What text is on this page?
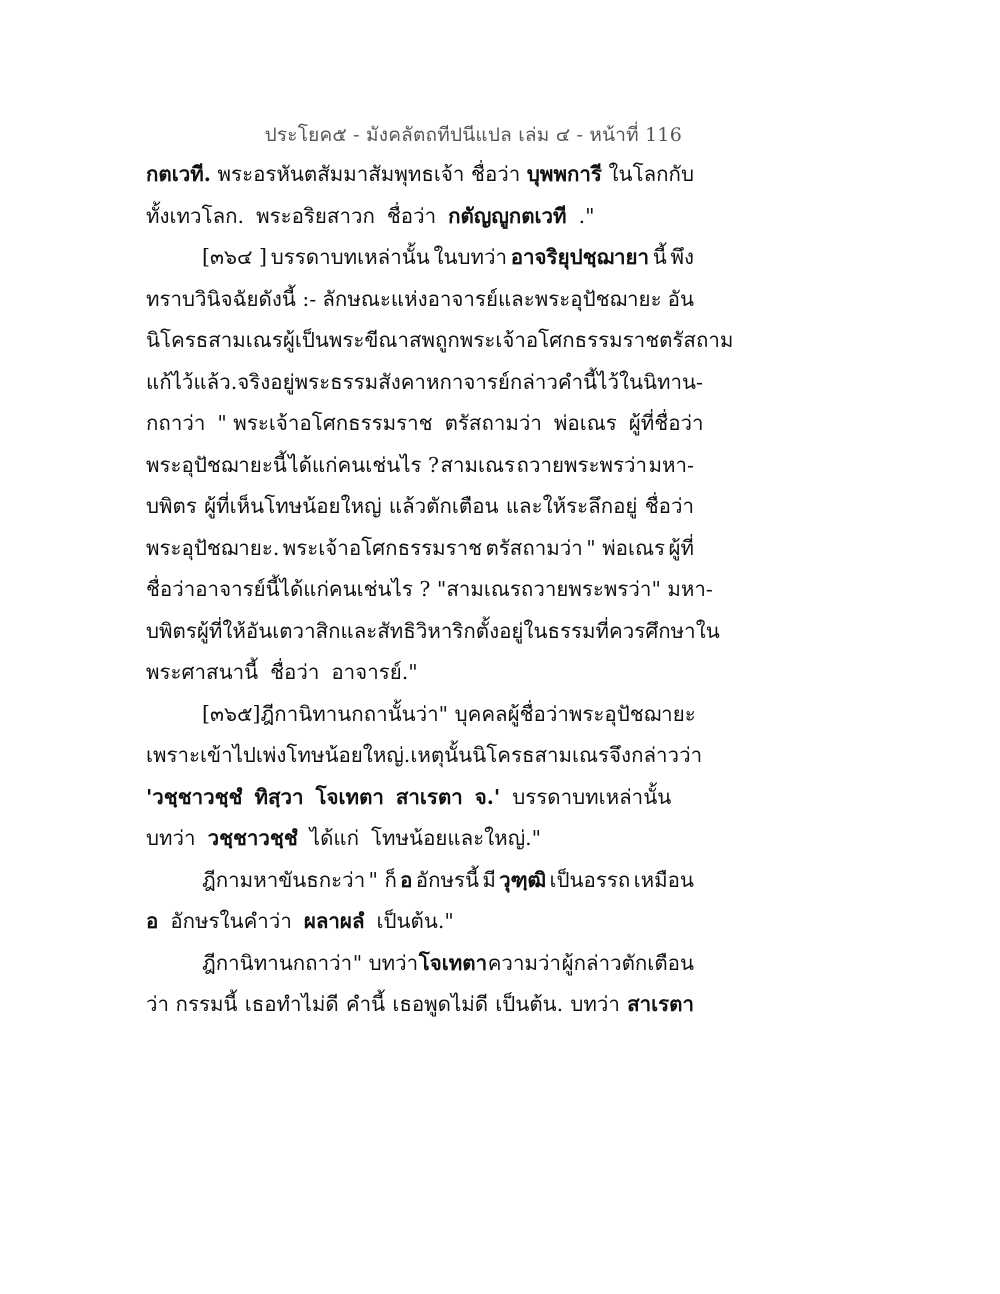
ประโยค๕ - มังคลัตถทีปนีแปล เล่ม ๔ - หน้าที่ 116
กตเวที. พระอรหันตสัมมาสัมพุทธเจ้า ชื่อว่า บุพพการี ในโลกกับ
ทั้งเทวโลก. พระอริยสาวก ชื่อว่า กตัญญูกตเวที ."
[๓๖๔ ] บรรดาบทเหล่านั้น ในบทว่า อาจริยุปชฺฌายา นี้ พึง
ทราบวินิจฉัยดังนี้ :- ลักษณะแห่งอาจารย์และพระอุปัชฌายะ อัน
นิโครธสามเณรผู้เป็นพระขีณาสพ ถูกพระเจ้าอโศกธรรมราชตรัสถาม
แก้ไว้แล้ว. จริงอยู่ พระธรรมสังคาหกาจารย์ กล่าวคำนี้ไว้ในนิทาน-
กถาว่า " พระเจ้าอโศกธรรมราช ตรัสถามว่า พ่อเณร ผู้ที่ชื่อว่า
พระอุปัชฌายะนี้ ได้แก่คนเช่นไร ? สามเณร ถวายพระพรว่า มหา-
บพิตร ผู้ที่เห็นโทษน้อยใหญ่ แล้วตักเตือน และให้ระลึกอยู่ ชื่อว่า
พระอุปัชฌายะ. พระเจ้าอโศกธรรมราช ตรัสถามว่า " พ่อเณร ผู้ที่
ชื่อว่าอาจารย์นี้ ได้แก่คนเช่นไร ? " สามเณร ถวายพระพรว่า " มหา-
บพิตร ผู้ที่ให้อันเตวาสิกและสัทธิวิหาริกตั้งอยู่ในธรรมที่ควรศึกษาใน
พระศาสนานี้ ชื่อว่า อาจารย์."
[๓๖๕] ฎีกานิทานกถานั้นว่า " บุคคลผู้ชื่อว่า พระอุปัชฌายะ
เพราะเข้าไปเพ่งโทษน้อยใหญ่. เหตุนั้น นิโครธสามเณร จึงกล่าวว่า
'วชฺชาวชฺชํ ทิสฺวา โจเทตา สาเรตา จ.' บรรดาบทเหล่านั้น
บทว่า วชฺชาวชฺชํ ได้แก่ โทษน้อยและใหญ่."
ฎีกามหาขันธกะว่า " ก็ อ อักษรนี้ มี วุฑฺฒิ เป็นอรรถ เหมือน
อ อักษรในคำว่า ผลาผลํ เป็นต้น."
ฎีกานิทานกถาว่า " บทว่า โจเทตา ความว่า ผู้กล่าวตักเตือน
ว่า กรรมนี้ เธอทำไม่ดี คำนี้ เธอพูดไม่ดี เป็นต้น. บทว่า สาเรตา
